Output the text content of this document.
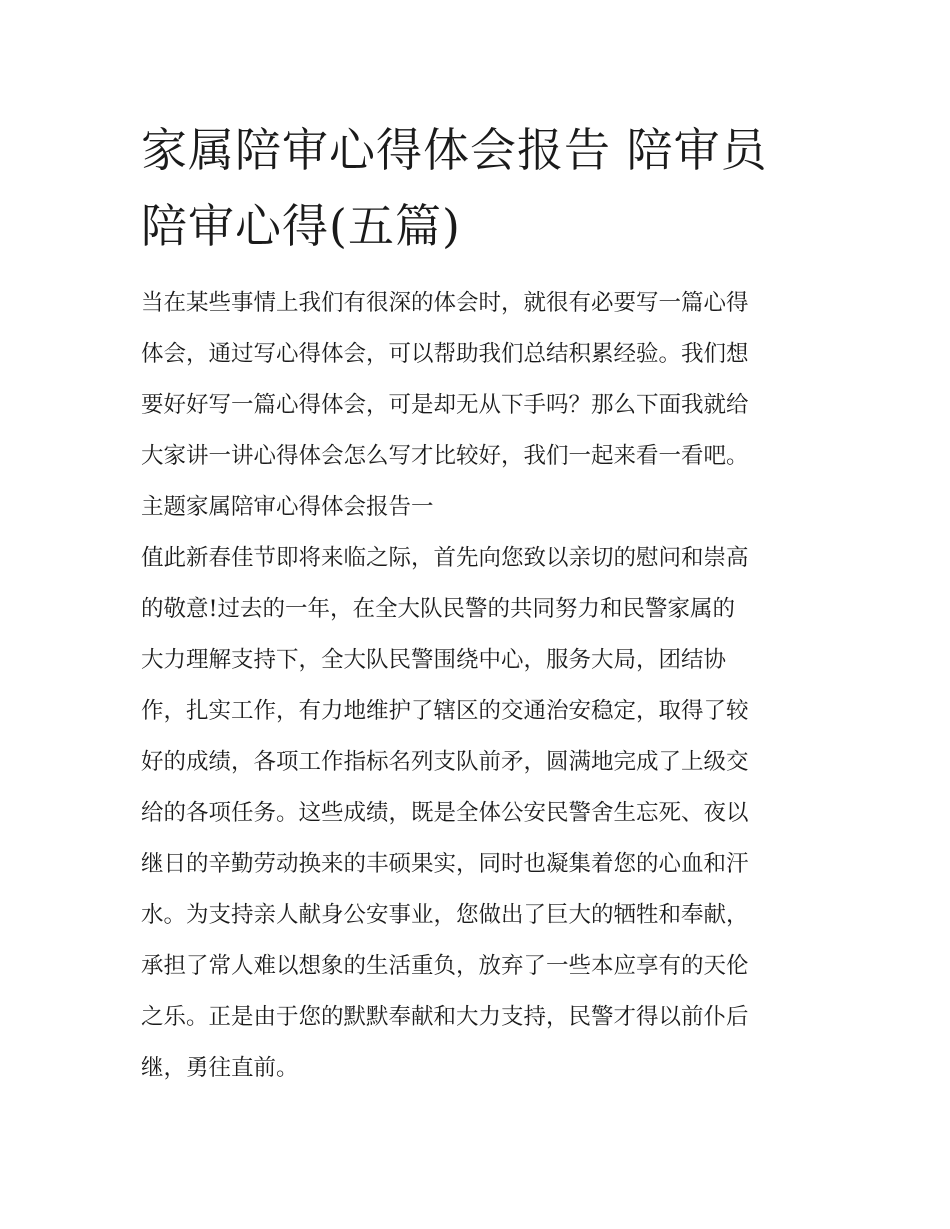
家属陪审心得体会报告 陪审员
陪审心得(五篇)
当在某些事情上我们有很深的体会时，就很有必要写一篇心得
体会，通过写心得体会，可以帮助我们总结积累经验。我们想
要好好写一篇心得体会，可是却无从下手吗？那么下面我就给
大家讲一讲心得体会怎么写才比较好，我们一起来看一看吧。
主题家属陪审心得体会报告一
值此新春佳节即将来临之际，首先向您致以亲切的慰问和崇高
的敬意!过去的一年，在全大队民警的共同努力和民警家属的
大力理解支持下，全大队民警围绕中心，服务大局，团结协
作，扎实工作，有力地维护了辖区的交通治安稳定，取得了较
好的成绩，各项工作指标名列支队前矛，圆满地完成了上级交
给的各项任务。这些成绩，既是全体公安民警舍生忘死、夜以
继日的辛勤劳动换来的丰硕果实，同时也凝集着您的心血和汗
水。为支持亲人献身公安事业，您做出了巨大的牺牲和奉献，
承担了常人难以想象的生活重负，放弃了一些本应享有的天伦
之乐。正是由于您的默默奉献和大力支持，民警才得以前仆后
继，勇往直前。
